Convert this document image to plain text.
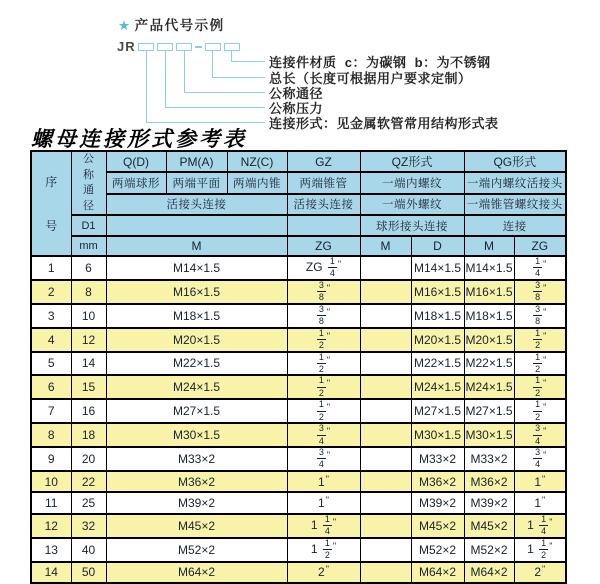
★ 产品代号示例
JR
连接件材质  c：为碳钢  b：为不锈钢
总长（长度可根据用户要求定制）
公称通径
公称压力
连接形式：见金属软管常用结构形式表
螺母连接形式参考表
序号	公称通径	Q(D)	PM(A)	NZ(C)	GZ	QZ形式		QG形式	
		两端球形	两端平面	两端内锥	两端锥管	一端内螺纹		一端内螺纹活接头	
		活接头连接			活接头连接	一端外螺纹		一端锥管螺纹接头	
	D1					球形接头连接		连接	
	mm	M			ZG	M	D	M	ZG
1	6	M14×1.5			ZG $\frac{1}{4} ^"$		M14×1.5	M14×1.5	$\frac{1}{4} ^"$
2	8	M16×1.5			$\frac{3}{8} ^"$		M16×1.5	M16×1.5	$\frac{3}{8} ^"$
3	10	M18×1.5			$\frac{3}{8} ^"$		M18×1.5	M18×1.5	$\frac{3}{8} ^"$
4	12	M20×1.5			$\frac{1}{2} ^"$		M20×1.5	M20×1.5	$\frac{1}{2} ^"$
5	14	M22×1.5			$\frac{1}{2} ^"$		M22×1.5	M22×1.5	$\frac{1}{2} ^"$
6	15	M24×1.5			$\frac{1}{2} ^"$		M24×1.5	M24×1.5	$\frac{1}{2} ^"$
7	16	M27×1.5			$\frac{1}{2} ^"$		M27×1.5	M27×1.5	$\frac{1}{2} ^"$
8	18	M30×1.5			$\frac{3}{4} ^"$		M30×1.5	M30×1.5	$\frac{3}{4} ^"$
9	20	M33×2			$\frac{3}{4} ^"$		M33×2	M33×2	$\frac{3}{4} ^"$
10	22	M36×2			1"		M36×2	M36×2	1"
11	25	M39×2			1"		M39×2	M39×2	1"
12	32	M45×2			$1 \frac{1}{4} ^"$		M45×2	M45×2	$1 \frac{1}{4} ^"$
13	40	M52×2			$1 \frac{1}{2} ^"$		M52×2	M52×2	$1 \frac{1}{2} ^"$
14	50	M64×2			2"		M64×2	M64×2	2"
